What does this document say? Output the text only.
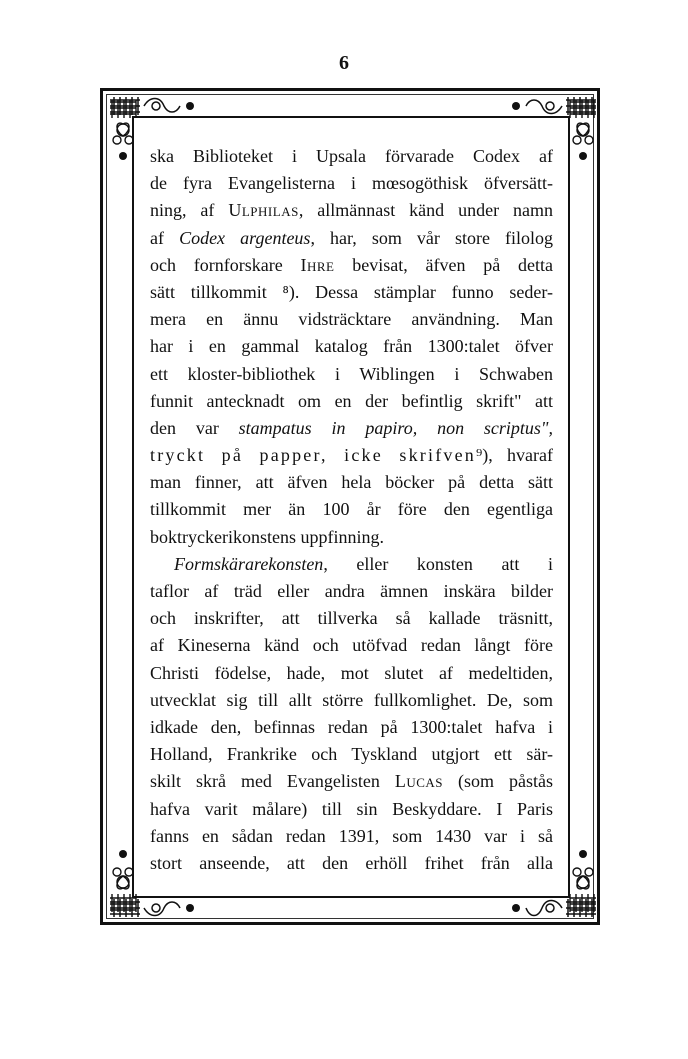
6
ska Biblioteket i Upsala förvarade Codex af
de fyra Evangelisterna i mœsogöthisk öfversätt-
ning, af Ulphilas, allmännast känd under namn
af Codex argenteus, har, som vår store filolog
och fornforskare Ihre bevisat, äfven på detta
sätt tillkommit ⁸). Dessa stämplar funno seder-
mera en ännu vidsträcktare användning. Man
har i en gammal katalog från 1300:talet öfver
ett kloster-bibliothek i Wiblingen i Schwaben
funnit antecknadt om en der befintlig skrift" att
den var stampatus in papiro, non scriptus",
tryckt på papper, icke skrifven⁹), hvaraf
man finner, att äfven hela böcker på detta sätt
tillkommit mer än 100 år före den egentliga
boktryckerikonstens uppfinning.
Formskärarekonsten, eller konsten att i
taflor af träd eller andra ämnen inskära bilder
och inskrifter, att tillverka så kallade träsnitt,
af Kineserna känd och utöfvad redan långt före
Christi födelse, hade, mot slutet af medeltiden,
utvecklat sig till allt större fullkomlighet. De, som
idkade den, befinnas redan på 1300:talet hafva i
Holland, Frankrike och Tyskland utgjort ett sär-
skilt skrå med Evangelisten Lucas (som påstås
hafva varit målare) till sin Beskyddare. I Paris
fanns en sådan redan 1391, som 1430 var i så
stort anseende, att den erhöll frihet från alla
